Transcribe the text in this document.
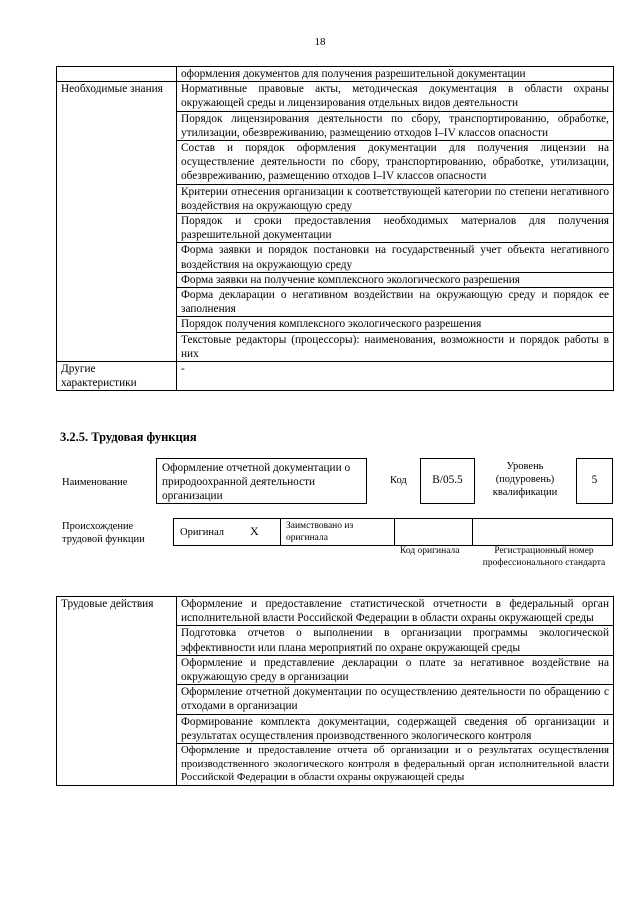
18
	оформления документов для получения разрешительной документации
Необходимые знания	Нормативные правовые акты, методическая документация в области охраны окружающей среды и лицензирования отдельных видов деятельности
	Порядок лицензирования деятельности по сбору, транспортированию, обработке, утилизации, обезвреживанию, размещению отходов I–IV классов опасности
	Состав и порядок оформления документации для получения лицензии на осуществление деятельности по сбору, транспортированию, обработке, утилизации, обезвреживанию, размещению отходов I–IV классов опасности
	Критерии отнесения организации к соответствующей категории по степени негативного воздействия на окружающую среду
	Порядок и сроки предоставления необходимых материалов для получения разрешительной документации
	Форма заявки и порядок постановки на государственный учет объекта негативного воздействия на окружающую среду
	Форма заявки на получение комплексного экологического разрешения
	Форма декларации о негативном воздействии на окружающую среду и порядок ее заполнения
	Порядок получения комплексного экологического разрешения
	Текстовые редакторы (процессоры): наименования, возможности и порядок работы в них
Другие характеристики	-
3.2.5. Трудовая функция
Наименование
Оформление отчетной документации о природоохранной деятельности организации
Код	B/05.5
Уровень (подуровень) квалификации
5
Происхождение трудовой функции
Оригинал X	Заимствовано из оригинала
Код оригинала	Регистрационный номер профессионального стандарта
Трудовые действия	Оформление и предоставление статистической отчетности в федеральный орган исполнительной власти Российской Федерации в области охраны окружающей среды
Подготовка отчетов о выполнении в организации программы экологической эффективности или плана мероприятий по охране окружающей среды
Оформление и представление декларации о плате за негативное воздействие на окружающую среду в организации
Оформление отчетной документации по осуществлению деятельности по обращению с отходами в организации
Формирование комплекта документации, содержащей сведения об организации и результатах осуществления производственного экологического контроля
Оформление и предоставление отчета об организации и о результатах осуществления производственного экологического контроля в федеральный орган исполнительной власти Российской Федерации в области охраны окружающей среды
